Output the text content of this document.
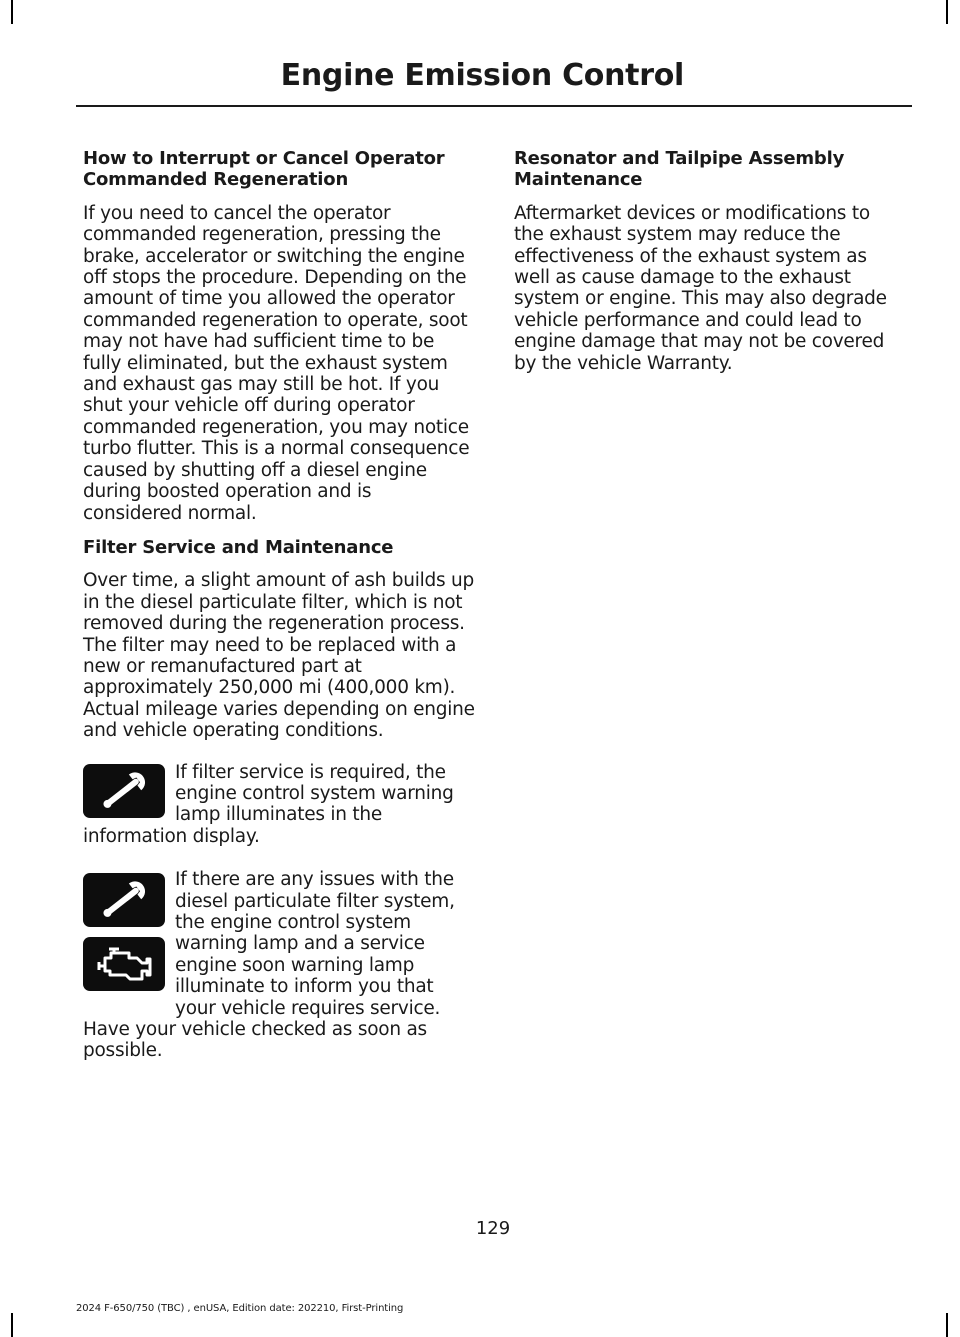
Engine Emission Control
How to Interrupt or Cancel Operator Commanded Regeneration

If you need to cancel the operator commanded regeneration, pressing the brake, accelerator or switching the engine off stops the procedure. Depending on the amount of time you allowed the operator commanded regeneration to operate, soot may not have had sufficient time to be fully eliminated, but the exhaust system and exhaust gas may still be hot. If you shut your vehicle off during operator commanded regeneration, you may notice turbo flutter. This is a normal consequence caused by shutting off a diesel engine during boosted operation and is considered normal.

Filter Service and Maintenance

Over time, a slight amount of ash builds up in the diesel particulate filter, which is not removed during the regeneration process. The filter may need to be replaced with a new or remanufactured part at approximately 250,000 mi (400,000 km). Actual mileage varies depending on engine and vehicle operating conditions.

If filter service is required, the engine control system warning lamp illuminates in the information display.

If there are any issues with the diesel particulate filter system, the engine control system warning lamp and a service engine soon warning lamp illuminate to inform you that your vehicle requires service. Have your vehicle checked as soon as possible.

Resonator and Tailpipe Assembly Maintenance

Aftermarket devices or modifications to the exhaust system may reduce the effectiveness of the exhaust system as well as cause damage to the exhaust system or engine. This may also degrade vehicle performance and could lead to engine damage that may not be covered by the vehicle Warranty.

129
2024 F-650/750 (TBC) , enUSA, Edition date: 202210, First-Printing
